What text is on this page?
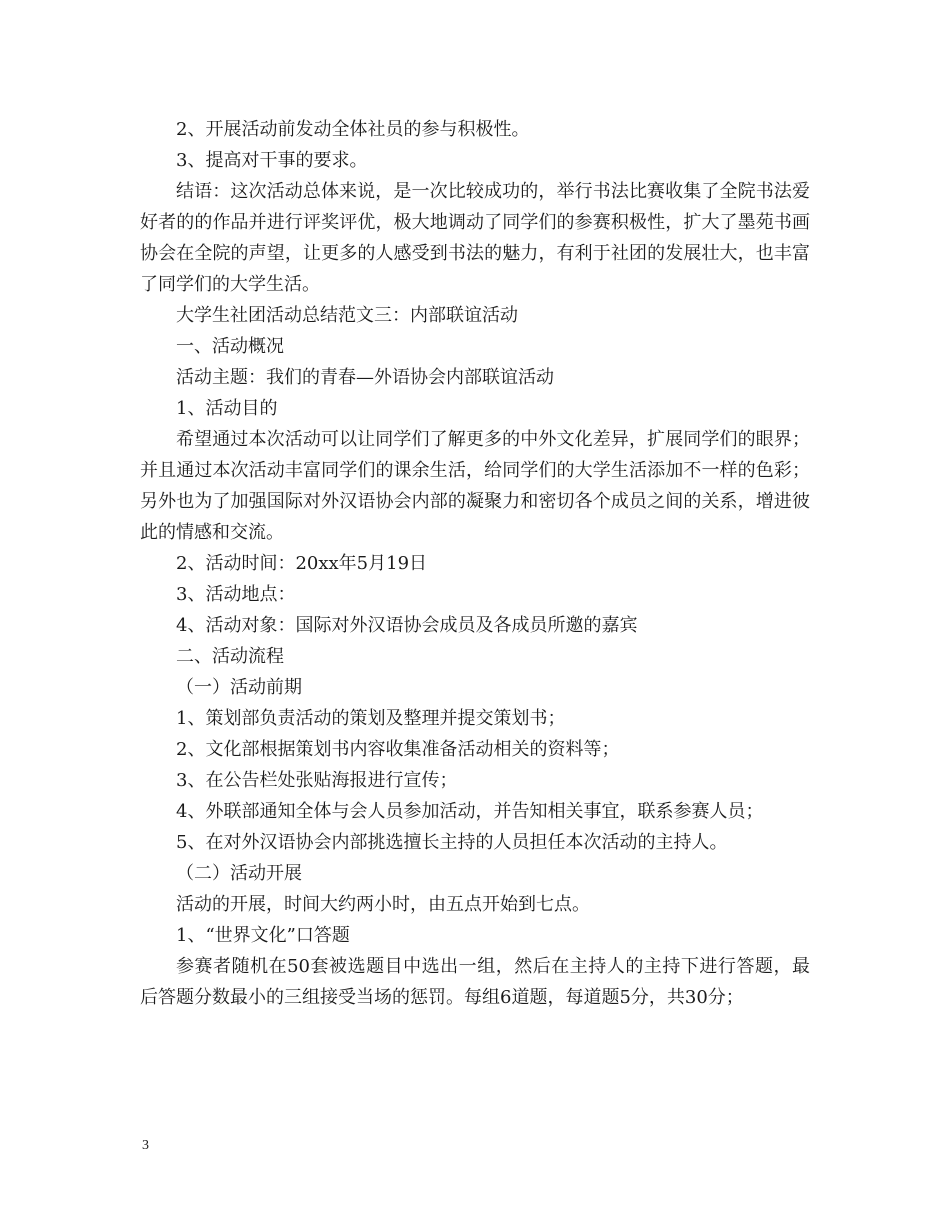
2、开展活动前发动全体社员的参与积极性。

3、提高对干事的要求。

结语：这次活动总体来说，是一次比较成功的，举行书法比赛收集了全院书法爱好者的的作品并进行评奖评优，极大地调动了同学们的参赛积极性，扩大了墨苑书画协会在全院的声望，让更多的人感受到书法的魅力，有利于社团的发展壮大，也丰富了同学们的大学生活。

大学生社团活动总结范文三：内部联谊活动

一、活动概况

活动主题：我们的青春—外语协会内部联谊活动

1、活动目的

希望通过本次活动可以让同学们了解更多的中外文化差异，扩展同学们的眼界；并且通过本次活动丰富同学们的课余生活，给同学们的大学生活添加不一样的色彩；另外也为了加强国际对外汉语协会内部的凝聚力和密切各个成员之间的关系，增进彼此的情感和交流。

2、活动时间：20xx年5月19日

3、活动地点：

4、活动对象：国际对外汉语协会成员及各成员所邀的嘉宾

二、活动流程

（一）活动前期

1、策划部负责活动的策划及整理并提交策划书；

2、文化部根据策划书内容收集准备活动相关的资料等；

3、在公告栏处张贴海报进行宣传；

4、外联部通知全体与会人员参加活动，并告知相关事宜，联系参赛人员；

5、在对外汉语协会内部挑选擅长主持的人员担任本次活动的主持人。

（二）活动开展

活动的开展，时间大约两小时，由五点开始到七点。

1、“世界文化”口答题

参赛者随机在50套被选题目中选出一组，然后在主持人的主持下进行答题，最后答题分数最小的三组接受当场的惩罚。每组6道题，每道题5分，共30分；

3
